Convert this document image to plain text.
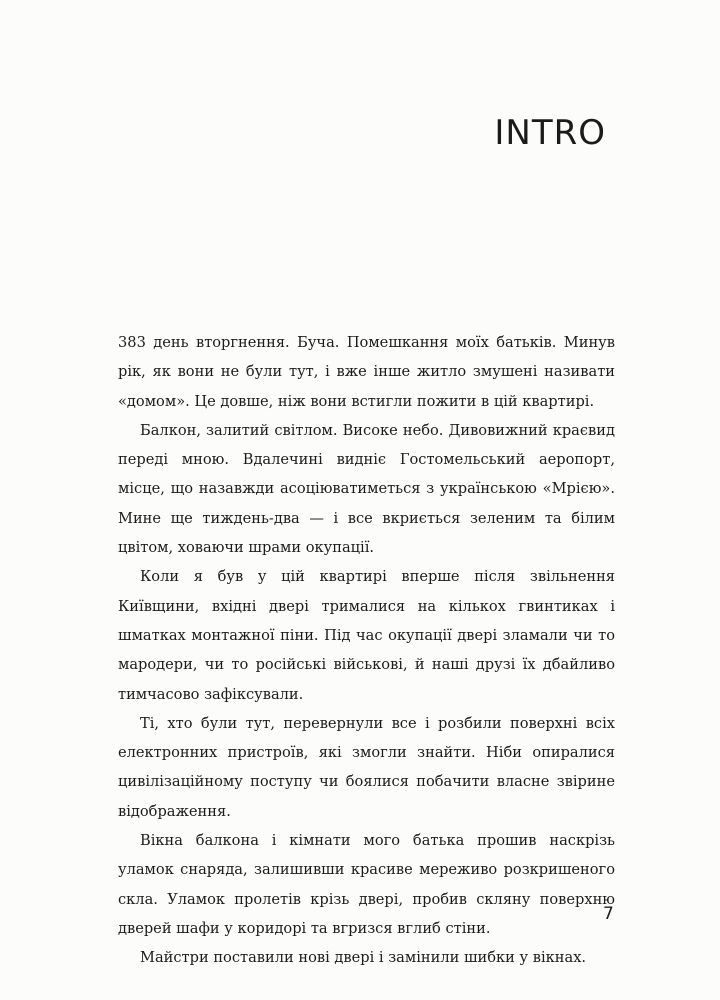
INTRO

383 день вторгнення. Буча. Помешкання моїх батьків. Минув рік, як вони не були тут, і вже інше житло змушені називати «домом». Це довше, ніж вони встигли пожити в цій квартирі.

Балкон, залитий світлом. Високе небо. Дивовижний краєвид переді мною. Вдалечині видніє Гостомельський аеропорт, місце, що назавжди асоціюватиметься з українською «Мрією». Мине ще тиждень-два — і все вкриється зеленим та білим цвітом, ховаючи шрами окупації.

Коли я був у цій квартирі вперше після звільнення Київщини, вхідні двері трималися на кількох гвинтиках і шматках монтажної піни. Під час окупації двері зламали чи то мародери, чи то російські військові, й наші друзі їх дбайливо тимчасово зафіксували.

Ті, хто були тут, перевернули все і розбили поверхні всіх електронних пристроїв, які змогли знайти. Ніби опиралися цивілізаційному поступу чи боялися побачити власне звірине відображення.

Вікна балкона і кімнати мого батька прошив наскрізь уламок снаряда, залишивши красиве мереживо розкришеного скла. Уламок пролетів крізь двері, пробив скляну поверхню дверей шафи у коридорі та вгризся вглиб стіни.

Майстри поставили нові двері і замінили шибки у вікнах.

7
